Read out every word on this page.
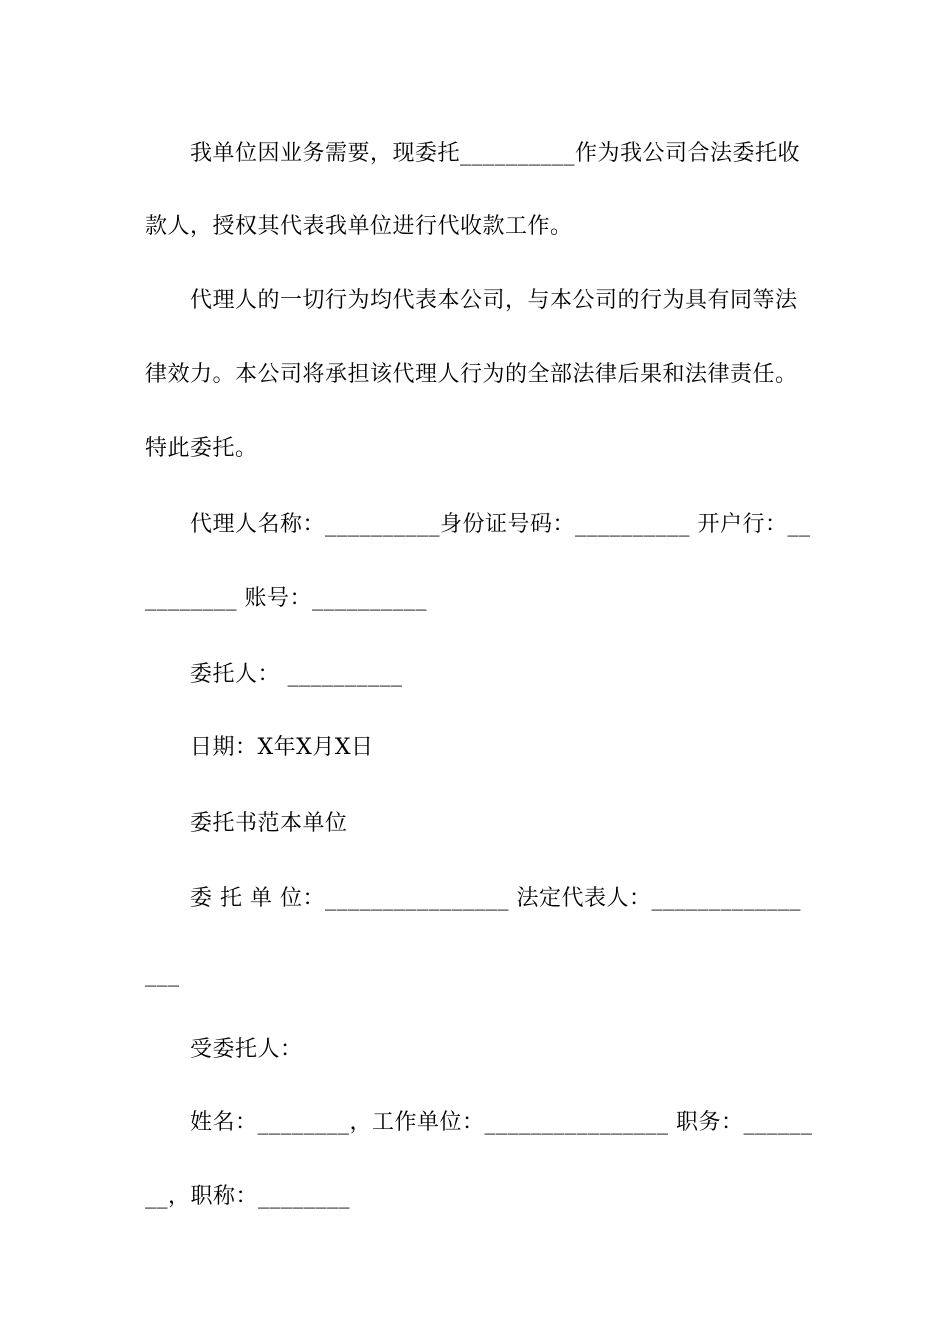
我单位因业务需要，现委托__________作为我公司合法委托收
款人，授权其代表我单位进行代收款工作。
代理人的一切行为均代表本公司，与本公司的行为具有同等法
律效力。本公司将承担该代理人行为的全部法律后果和法律责任。
特此委托。
代理人名称：__________身份证号码：__________ 开户行：__
________ 账号：__________
委托人： __________
日期：X年X月X日
委托书范本单位
委 托 单 位：________________ 法定代表人：_____________
___
受委托人：
姓名：________，工作单位：________________ 职务：______
__，职称：________
